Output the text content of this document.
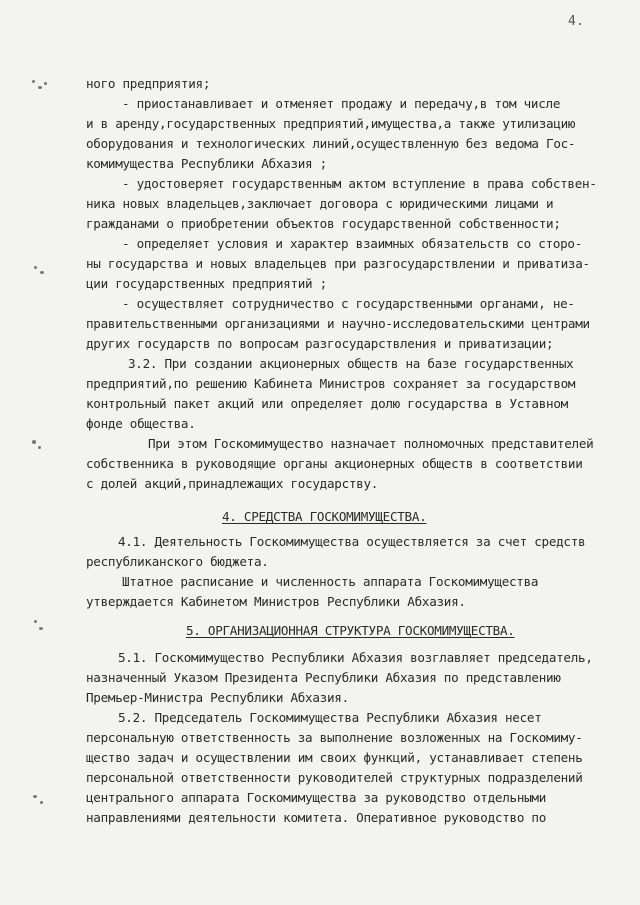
4.
ного предприятия;
- приостанавливает и отменяет продажу и передачу,в том числе
и в аренду,государственных предприятий,имущества,а также утилизацию
оборудования и технологических линий,осуществленную без ведома Гос-
комимущества Республики Абхазия ;
- удостоверяет государственным актом вступление в права собствен-
ника новых владельцев,заключает договора с юридическими лицами и
гражданами о приобретении объектов государственной собственности;
- определяет условия и характер взаимных обязательств со сторо-
ны государства и новых владельцев при разгосударствлении и приватиза-
ции государственных предприятий ;
- осуществляет сотрудничество с государственными органами, не-
правительственными организациями и научно-исследовательскими центрами
других государств по вопросам разгосударствления и приватизации;
3.2. При создании акционерных обществ на базе государственных
предприятий,по решению Кабинета Министров сохраняет за государством
контрольный пакет акций или определяет долю государства в Уставном
фонде общества.
При этом Госкомимущество назначает полномочных представителей
собственника в руководящие органы акционерных обществ в соответствии
с долей акций,принадлежащих государству.
4. СРЕДСТВА ГОСКОМИМУЩЕСТВА.
4.1. Деятельность Госкомимущества осуществляется за счет средств
республиканского бюджета.
Штатное расписание и численность аппарата Госкомимущества
утверждается Кабинетом Министров Республики Абхазия.
5. ОРГАНИЗАЦИОННАЯ СТРУКТУРА ГОСКОМИМУЩЕСТВА.
5.1. Госкомимущество Республики Абхазия возглавляет председатель,
назначенный Указом Президента Республики Абхазия по представлению
Премьер-Министра Республики Абхазия.
5.2. Председатель Госкомимущества Республики Абхазия несет
персональную ответственность за выполнение возложенных на Госкомиму-
щество задач и осуществлении им своих функций, устанавливает степень
персональной ответственности руководителей структурных подразделений
центрального аппарата Госкомимущества за руководство отдельными
направлениями деятельности комитета. Оперативное руководство по
